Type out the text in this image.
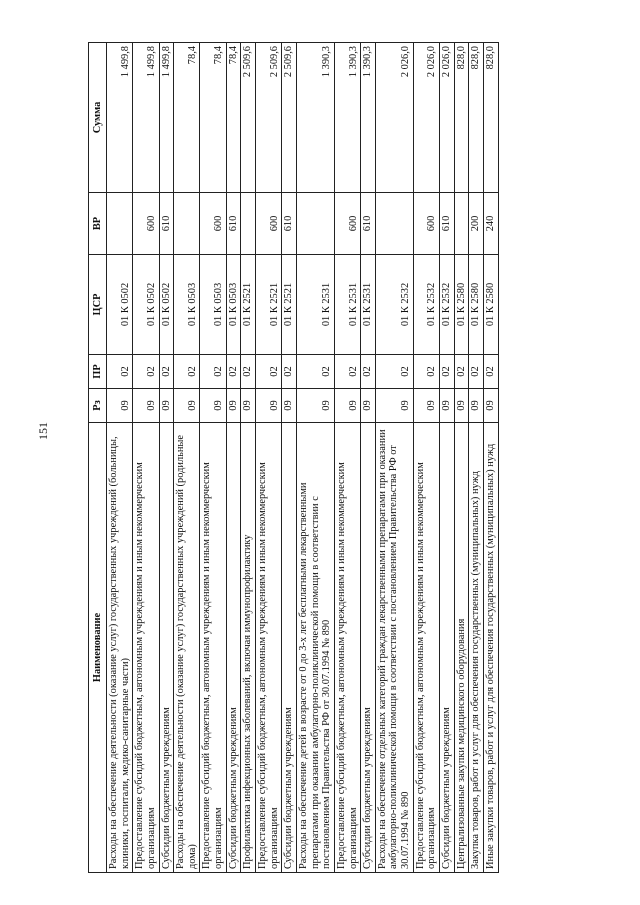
151
Наименование	Рз	ПР	ЦСР	ВР	Сумма
Расходы на обеспечение деятельности (оказание услуг) государственных учреждений (больницы, клиники, госпитали, медико-санитарные части)	09	02	01 К 0502		1 499,8
Предоставление субсидий бюджетным, автономным учреждениям и иным некоммерческим организациям	09	02	01 К 0502	600	1 499,8
Субсидии бюджетным учреждениям	09	02	01 К 0502	610	1 499,8
Расходы на обеспечение деятельности (оказание услуг) государственных учреждений (родильные дома)	09	02	01 К 0503		78,4
Предоставление субсидий бюджетным, автономным учреждениям и иным некоммерческим организациям	09	02	01 К 0503	600	78,4
Субсидии бюджетным учреждениям	09	02	01 К 0503	610	78,4
Профилактика инфекционных заболеваний, включая иммунопрофилактику	09	02	01 К 2521		2 509,6
Предоставление субсидий бюджетным, автономным учреждениям и иным некоммерческим организациям	09	02	01 К 2521	600	2 509,6
Субсидии бюджетным учреждениям	09	02	01 К 2521	610	2 509,6
Расходы на обеспечение детей в возрасте от 0 до 3-х лет бесплатными лекарственными препаратами при оказании амбулаторно-поликлинической помощи в соответствии с постановлением Правительства РФ от 30.07.1994 № 890	09	02	01 К 2531		1 390,3
Предоставление субсидий бюджетным, автономным учреждениям и иным некоммерческим организациям	09	02	01 К 2531	600	1 390,3
Субсидии бюджетным учреждениям	09	02	01 К 2531	610	1 390,3
Расходы на обеспечение отдельных категорий граждан лекарственными препаратами при оказании амбулаторно-поликлинической помощи в соответствии с постановлением Правительства РФ от 30.07.1994 № 890	09	02	01 К 2532		2 026,0
Предоставление субсидий бюджетным, автономным учреждениям и иным некоммерческим организациям	09	02	01 К 2532	600	2 026,0
Субсидии бюджетным учреждениям	09	02	01 К 2532	610	2 026,0
Централизованные закупки медицинского оборудования	09	02	01 К 2580		828,0
Закупка товаров, работ и услуг для обеспечения государственных (муниципальных) нужд	09	02	01 К 2580	200	828,0
Иные закупки товаров, работ и услуг для обеспечения государственных (муниципальных) нужд	09	02	01 К 2580	240	828,0
